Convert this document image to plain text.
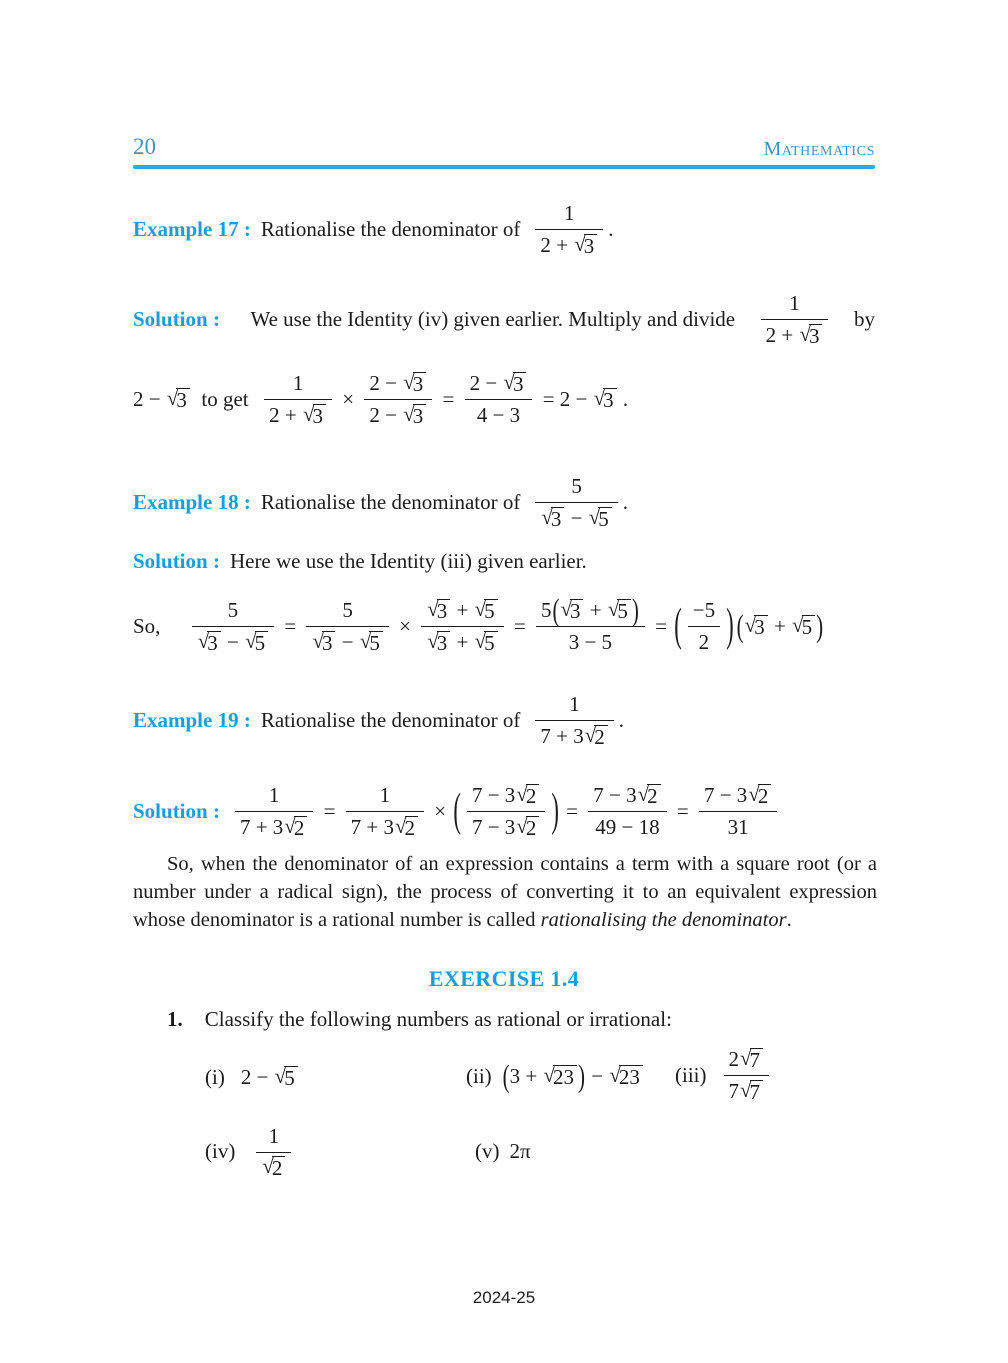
20	Mathematics
Example 17 : Rationalise the denominator of 1
2 + √
3 .
Solution : We use the Identity (iv) given earlier. Multiply and divide 1
2 + √
3 by
2 − √
3 to get 1
2 + √
3 × 2 − √
3
2 − √
3 = 2 − √
3
4 − 3 = 2 − √
3 .
Example 18 : Rationalise the denominator of 5
√
3 − √
5 .
Solution : Here we use the Identity (iii) given earlier.
So, 5
√
3 − √
5 = 5
√
3 − √
5 × √
3 + √
5
√
3 + √
5 = 5 ( √
3 + √
5 )
3 − 5 = ( $\frac{-5}{2}$ ) ( √
3 + √
5 )
Example 19 : Rationalise the denominator of 1
7 + 3 √
2 .
Solution : 1
7 + 3 √
2 = 1
7 + 3 √
2 × ( 7 − 3 √
2
7 − 3 √
2 ) = 7 − 3 √
2
49 − 18 = 7 − 3 √
2
31

So, when the denominator of an expression contains a term with a square root (or a number under a radical sign), the process of converting it to an equivalent expression whose denominator is a rational number is called rationalising the denominator.

EXERCISE 1.4
1. Classify the following numbers as rational or irrational:
(i) 2 − √
5	(ii) ( 3 + √
23 ) − √
23 (iii) 2 √
7
7 √
7
(iv) 1
√
2	(v) 2π
2024-25
